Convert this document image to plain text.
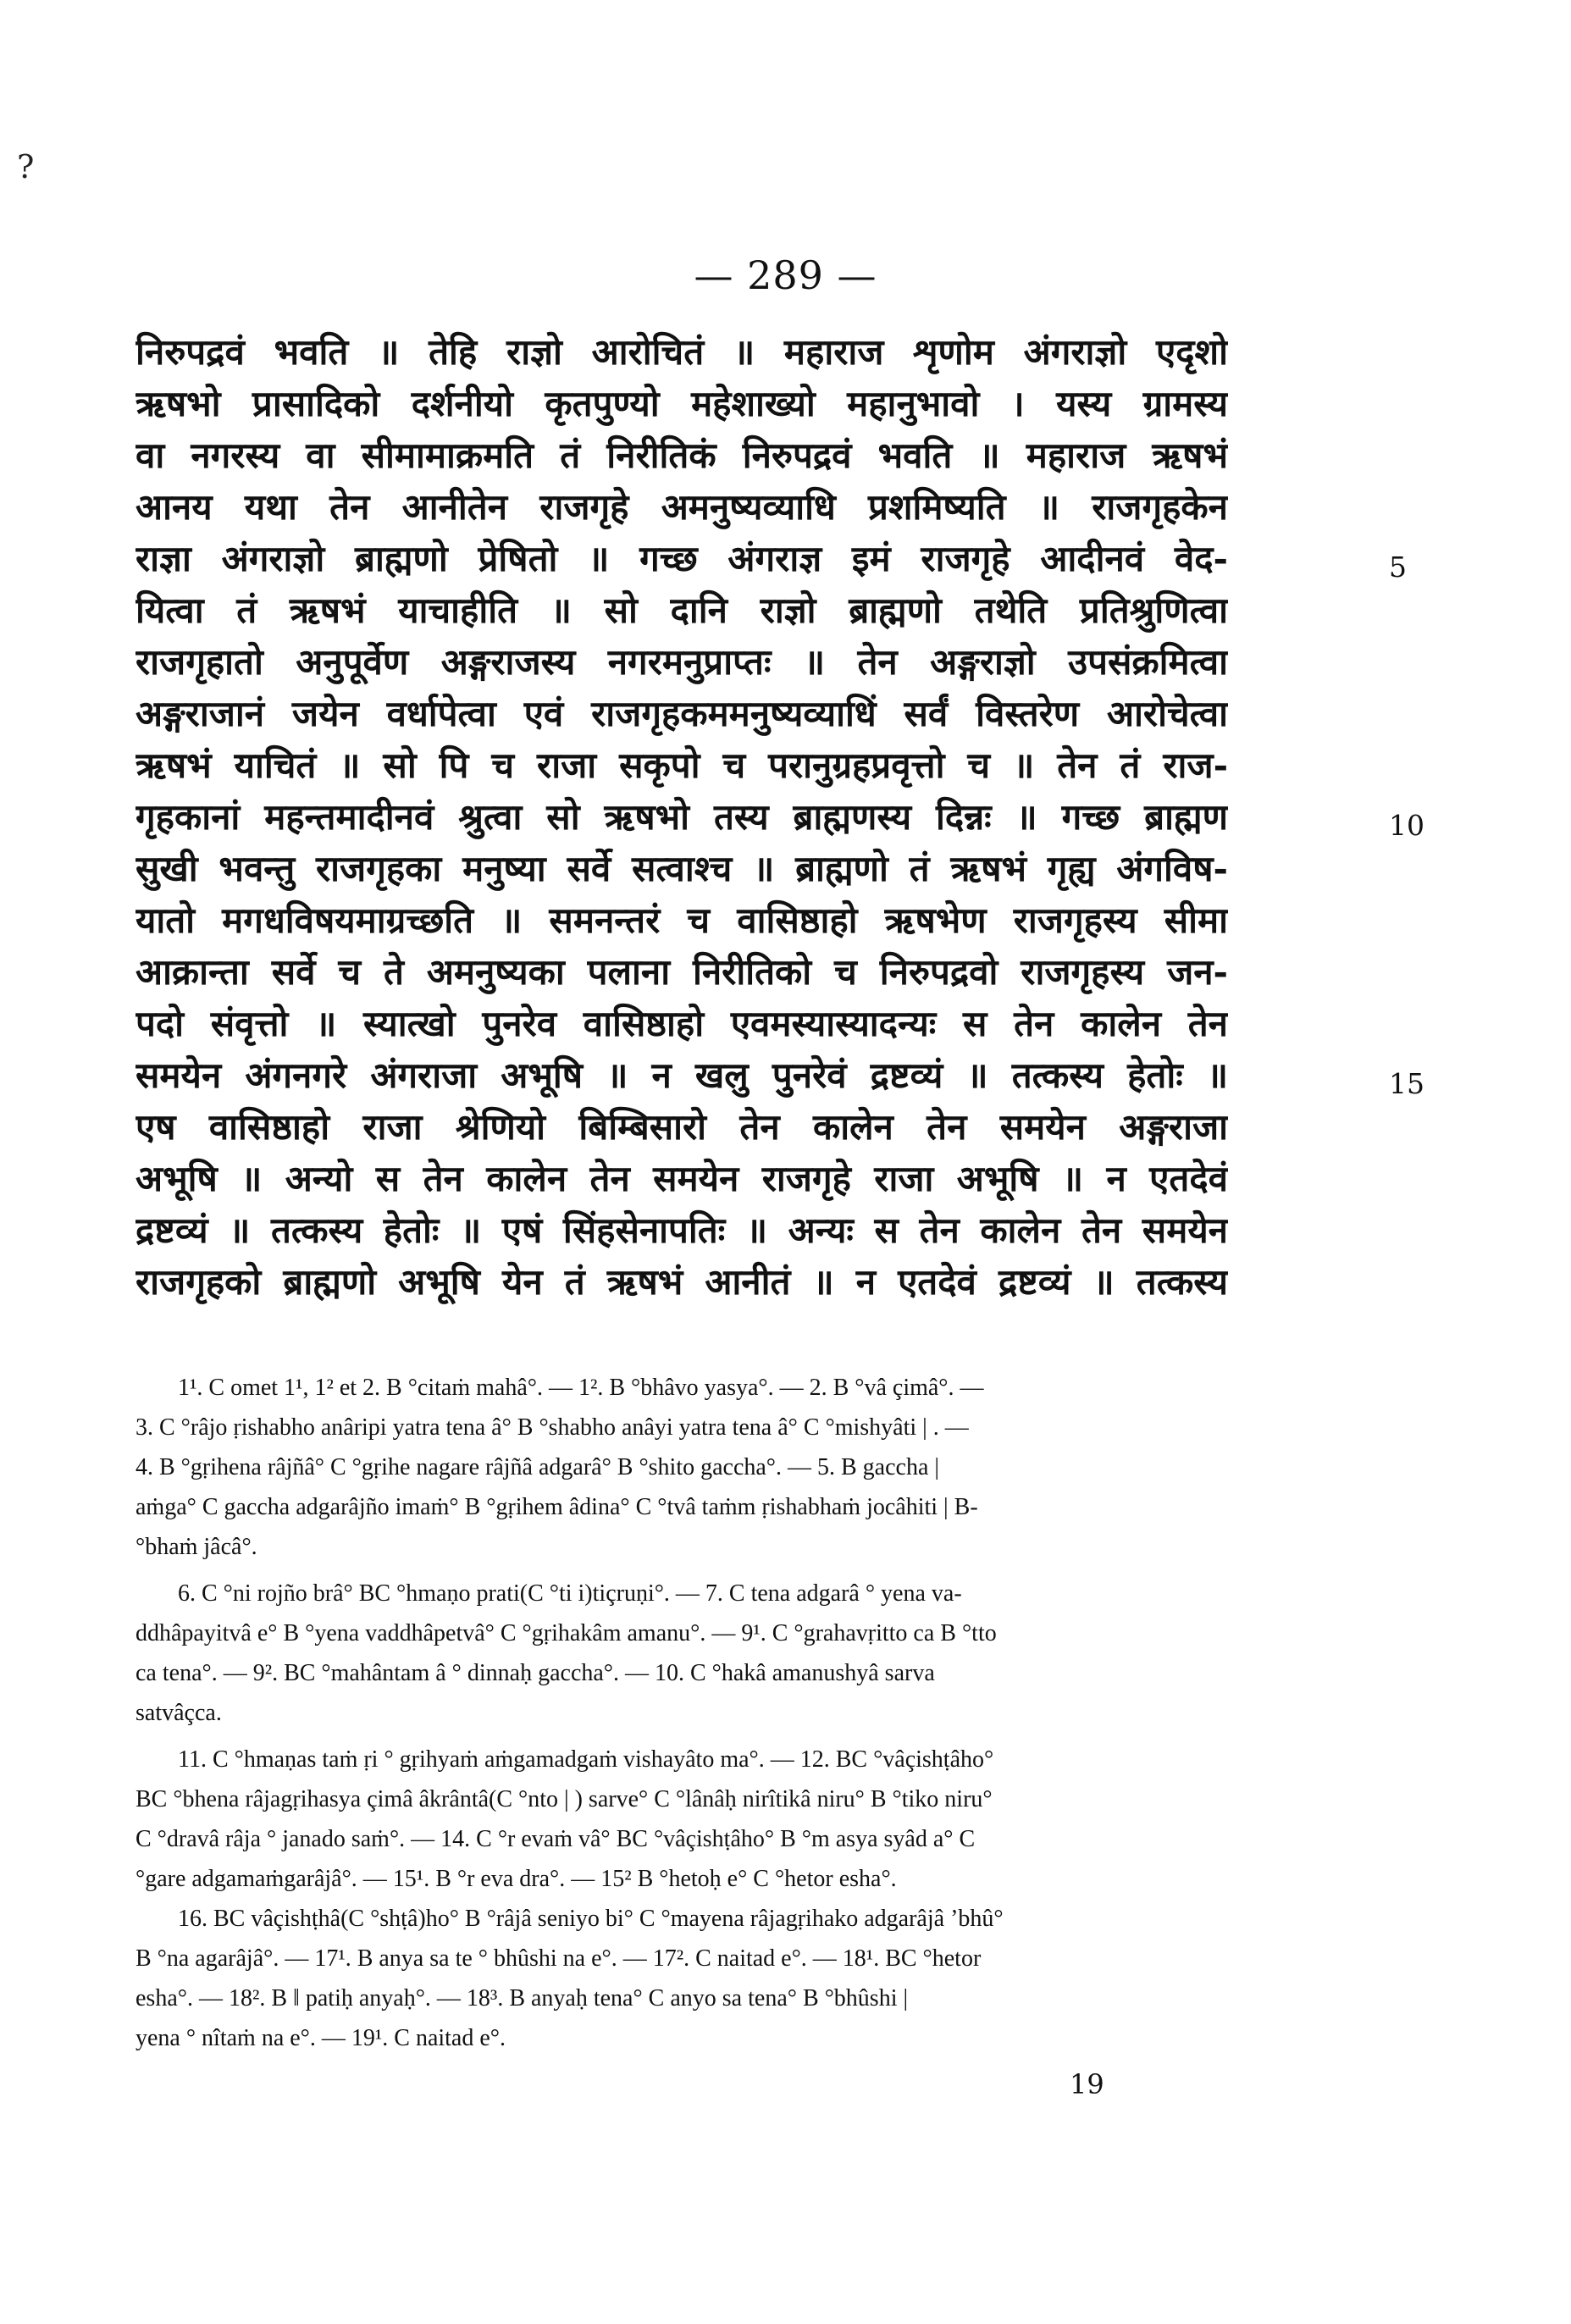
?
— 289 —
निरुपद्रवं भवति ॥ तेहि राज्ञो आरोचितं ॥ महाराज शृणोम अंगराज्ञो एदृशो
ऋषभो प्रासादिको दर्शनीयो कृतपुण्यो महेशाख्यो महानुभावो । यस्य ग्रामस्य
वा नगरस्य वा सीमामाक्रमति तं निरीतिकं निरुपद्रवं भवति ॥ महाराज ऋषभं
आनय यथा तेन आनीतेन राजगृहे अमनुष्यव्याधि प्रशमिष्यति ॥ राजगृहकेन
राज्ञा अंगराज्ञो ब्राह्मणो प्रेषितो ॥ गच्छ अंगराज्ञ इमं राजगृहे आदीनवं वेद-
यित्वा तं ऋषभं याचाहीति ॥ सो दानि राज्ञो ब्राह्मणो तथेति प्रतिश्रुणित्वा
राजगृहातो अनुपूर्वेण अङ्गराजस्य नगरमनुप्राप्तः ॥ तेन अङ्गराज्ञो उपसंक्रमित्वा
अङ्गराजानं जयेन वर्धापेत्वा एवं राजगृहकममनुष्यव्याधिं सर्वं विस्तरेण आरोचेत्वा
ऋषभं याचितं ॥ सो पि च राजा सकृपो च परानुग्रहप्रवृत्तो च ॥ तेन तं राज-
गृहकानां महन्तमादीनवं श्रुत्वा सो ऋषभो तस्य ब्राह्मणस्य दिन्नः ॥ गच्छ ब्राह्मण
सुखी भवन्तु राजगृहका मनुष्या सर्वे सत्वाश्च ॥ ब्राह्मणो तं ऋषभं गृह्य अंगविष-
यातो मगधविषयमाग्रच्छति ॥ समनन्तरं च वासिष्ठाहो ऋषभेण राजगृहस्य सीमा
आक्रान्ता सर्वे च ते अमनुष्यका पलाना निरीतिको च निरुपद्रवो राजगृहस्य जन-
पदो संवृत्तो ॥ स्यात्खो पुनरेव वासिष्ठाहो एवमस्यास्यादन्यः स तेन कालेन तेन
समयेन अंगनगरे अंगराजा अभूषि ॥ न खलु पुनरेवं द्रष्टव्यं ॥ तत्कस्य हेतोः ॥
एष वासिष्ठाहो राजा श्रेणियो बिम्बिसारो तेन कालेन तेन समयेन अङ्गराजा
अभूषि ॥ अन्यो स तेन कालेन तेन समयेन राजगृहे राजा अभूषि ॥ न एतदेवं
द्रष्टव्यं ॥ तत्कस्य हेतोः ॥ एषं सिंहसेनापतिः ॥ अन्यः स तेन कालेन तेन समयेन
राजगृहको ब्राह्मणो अभूषि येन तं ऋषभं आनीतं ॥ न एतदेवं द्रष्टव्यं ॥ तत्कस्य
5
10
15
1¹. C omet 1¹, 1² et 2. B °citaṁ mahâ°. — 1². B °bhâvo yasya°. — 2. B °vâ çimâ°. —
3. C °râjo ṛishabho anâripi yatra tena â° B °shabho anâyi yatra tena â° C °mishyâti | . —
4. B °gṛihena râjñâ° C °gṛihe nagare râjñâ adgarâ° B °shito gaccha°. — 5. B gaccha |
aṁga° C gaccha adgarâjño imaṁ° B °gṛihem âdina° C °tvâ taṁm ṛishabhaṁ jocâhiti | B-
°bhaṁ jâcâ°.
6. C °ni rojño brâ° BC °hmaṇo prati(C °ti i)tiçruṇi°. — 7. C tena adgarâ ° yena va-
ddhâpayitvâ e° B °yena vaddhâpetvâ° C °gṛihakâm amanu°. — 9¹. C °grahavṛitto ca B °tto
ca tena°. — 9². BC °mahântam â ° dinnaḥ gaccha°. — 10. C °hakâ amanushyâ sarva
satvâçca.
11. C °hmaṇas taṁ ṛi ° gṛihyaṁ aṁgamadgaṁ vishayâto ma°. — 12. BC °vâçishṭâho°
BC °bhena râjagṛihasya çimâ âkrântâ(C °nto | ) sarve° C °lânâḥ nirîtikâ niru° B °tiko niru°
C °dravâ râja ° janado saṁ°. — 14. C °r evaṁ vâ° BC °vâçishṭâho° B °m asya syâd a° C
°gare adgamaṁgarâjâ°. — 15¹. B °r eva dra°. — 15² B °hetoḥ e° C °hetor esha°.
16. BC vâçishṭhâ(C °shṭâ)ho° B °râjâ seniyo bi° C °mayena râjagṛihako adgarâjâ ’bhû°
B °na agarâjâ°. — 17¹. B anya sa te ° bhûshi na e°. — 17². C naitad e°. — 18¹. BC °hetor
esha°. — 18². B ‖ patiḥ anyaḥ°. — 18³. B anyaḥ tena° C anyo sa tena° B °bhûshi |
yena ° nîtaṁ na e°. — 19¹. C naitad e°.
19
